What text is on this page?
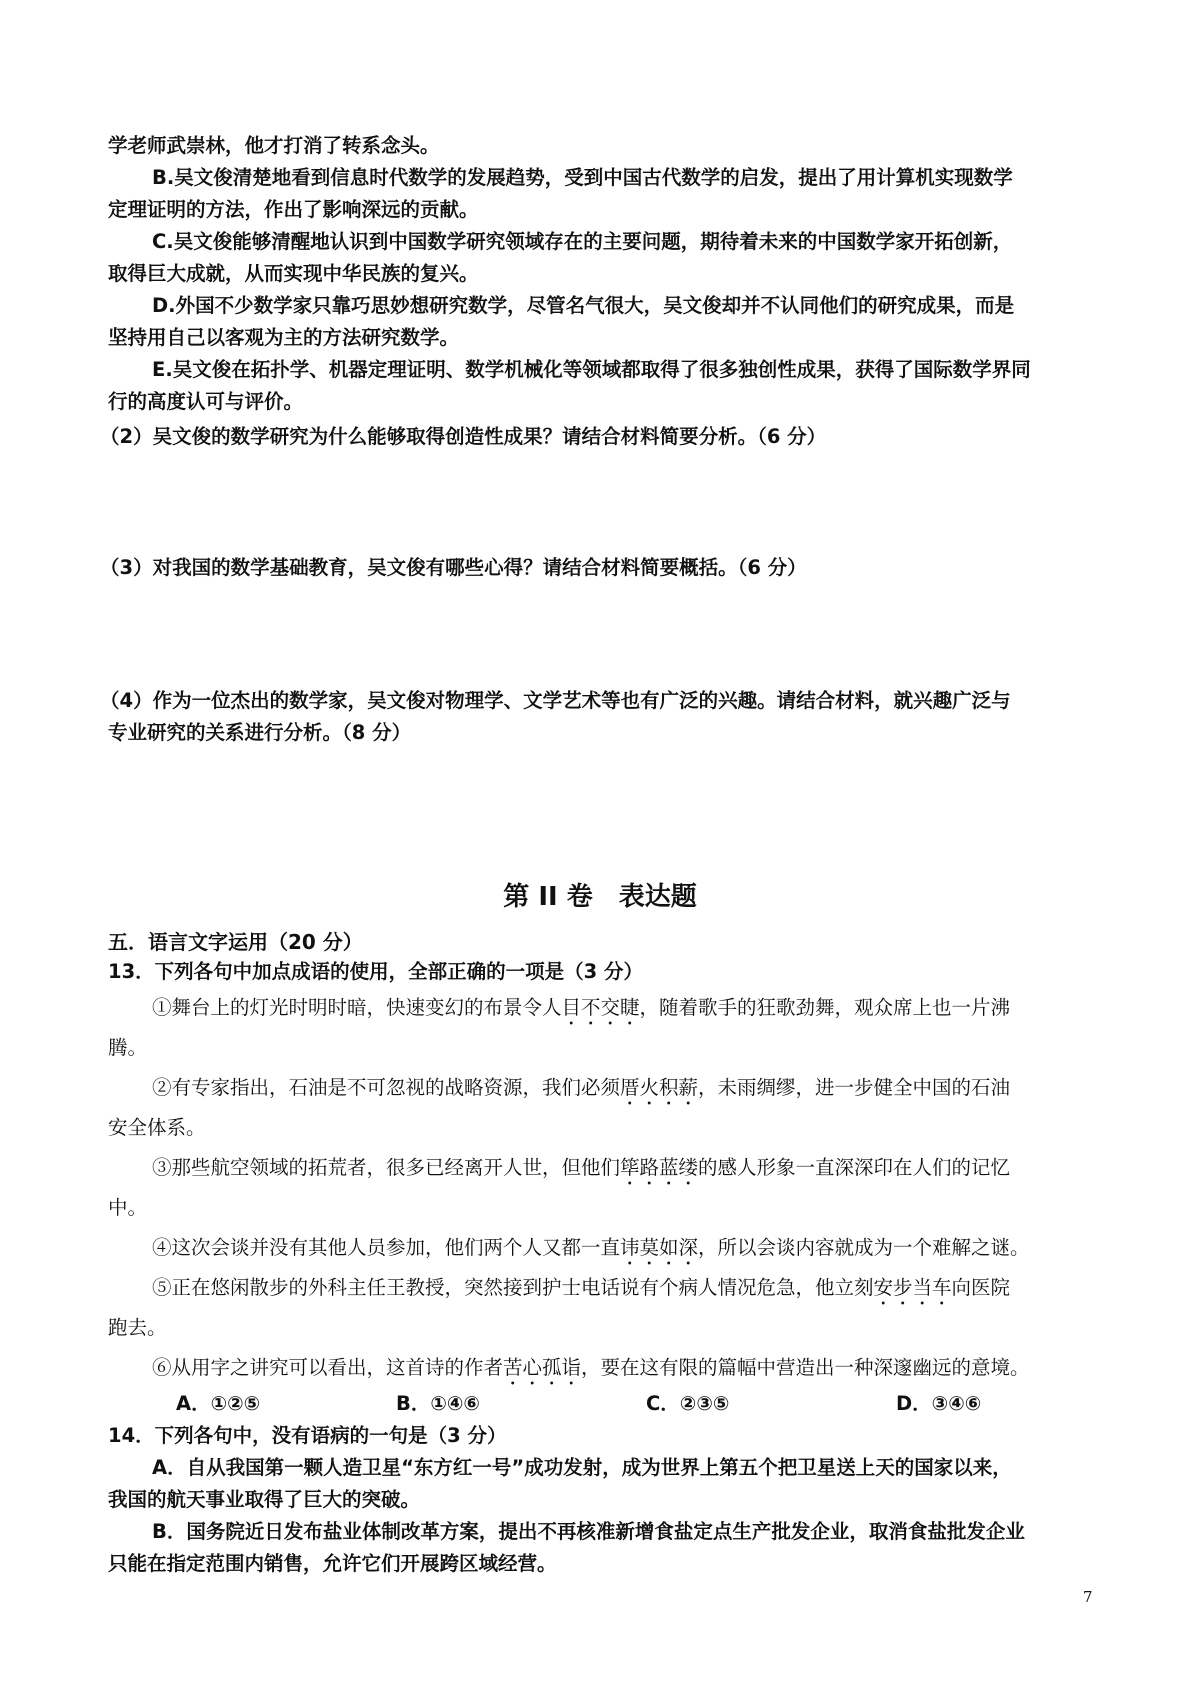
学老师武崇林，他才打消了转系念头。
B.吴文俊清楚地看到信息时代数学的发展趋势，受到中国古代数学的启发，提出了用计算机实现数学
定理证明的方法，作出了影响深远的贡献。
C.吴文俊能够清醒地认识到中国数学研究领域存在的主要问题，期待着未来的中国数学家开拓创新，
取得巨大成就，从而实现中华民族的复兴。
D.外国不少数学家只靠巧思妙想研究数学，尽管名气很大，吴文俊却并不认同他们的研究成果，而是
坚持用自己以客观为主的方法研究数学。
E.吴文俊在拓扑学、机器定理证明、数学机械化等领域都取得了很多独创性成果，获得了国际数学界同
行的高度认可与评价。
（2）吴文俊的数学研究为什么能够取得创造性成果？请结合材料简要分析。（6 分）
（3）对我国的数学基础教育，吴文俊有哪些心得？请结合材料简要概括。（6 分）
（4）作为一位杰出的数学家，吴文俊对物理学、文学艺术等也有广泛的兴趣。请结合材料，就兴趣广泛与
专业研究的关系进行分析。（8 分）
第 II 卷　表达题
五．语言文字运用（20 分）
13．下列各句中加点成语的使用，全部正确的一项是（3 分）
①舞台上的灯光时明时暗，快速变幻的布景令人目不交睫，随着歌手的狂歌劲舞，观众席上也一片沸
腾。
②有专家指出，石油是不可忽视的战略资源，我们必须厝火积薪，未雨绸缪，进一步健全中国的石油
安全体系。
③那些航空领域的拓荒者，很多已经离开人世，但他们筚路蓝缕的感人形象一直深深印在人们的记忆
中。
④这次会谈并没有其他人员参加，他们两个人又都一直讳莫如深，所以会谈内容就成为一个难解之谜。
⑤正在悠闲散步的外科主任王教授，突然接到护士电话说有个病人情况危急，他立刻安步当车向医院
跑去。
⑥从用字之讲究可以看出，这首诗的作者苦心孤诣，要在这有限的篇幅中营造出一种深邃幽远的意境。
A．①②⑤	B．①④⑥	C．②③⑤	D．③④⑥
14．下列各句中，没有语病的一句是（3 分）
A．自从我国第一颗人造卫星“东方红一号”成功发射，成为世界上第五个把卫星送上天的国家以来，
我国的航天事业取得了巨大的突破。
B．国务院近日发布盐业体制改革方案，提出不再核准新增食盐定点生产批发企业，取消食盐批发企业
只能在指定范围内销售，允许它们开展跨区域经营。
7
